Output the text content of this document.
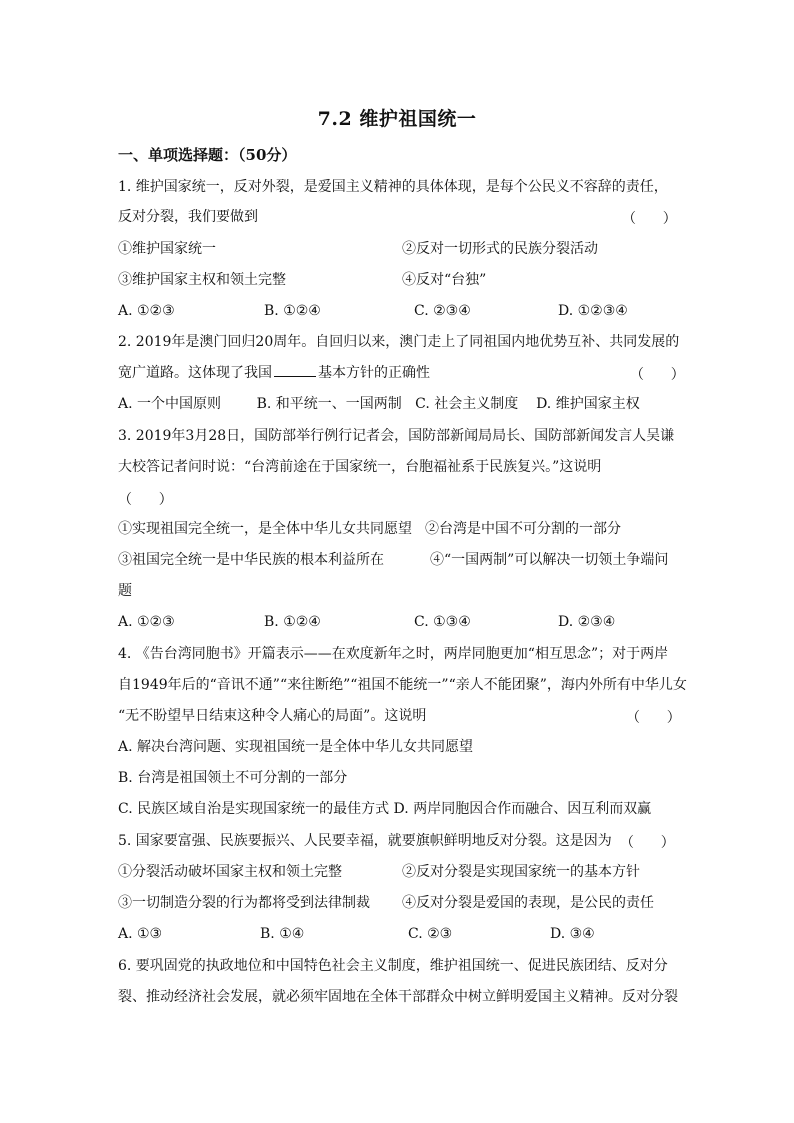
7.2 维护祖国统一
一、单项选择题：（50分）
1. 维护国家统一，反对外裂，是爱国主义精神的具体体现，是每个公民义不容辞的责任，
反对分裂，我们要做到	（      ）
①维护国家统一	②反对一切形式的民族分裂活动
③维护国家主权和领土完整	④反对“台独”
A. ①②③	B. ①②④	C. ②③④	D. ①②③④
2. 2019年是澳门回归20周年。自回归以来，澳门走上了同祖国内地优势互补、共同发展的
宽广道路。这体现了我国	基本方针的正确性	（      ）
A. 一个中国原则        B. 和平统一、一国两制   C. 社会主义制度    D. 维护国家主权
3. 2019年3月28日，国防部举行例行记者会，国防部新闻局局长、国防部新闻发言人吴谦
大校答记者问时说：“台湾前途在于国家统一，台胞福祉系于民族复兴。”这说明
（      ）
①实现祖国完全统一，是全体中华儿女共同愿望 ②台湾是中国不可分割的一部分
③祖国完全统一是中华民族的根本利益所在	④“一国两制”可以解决一切领土争端问
题
A. ①②③	B. ①②④	C. ①③④	D. ②③④
4. 《告台湾同胞书》开篇表示——在欢度新年之时，两岸同胞更加“相互思念”；对于两岸
自1949年后的“音讯不通”“来往断绝”“祖国不能统一”“亲人不能团聚”，海内外所有中华儿女
“无不盼望早日结束这种令人痛心的局面”。这说明	（      ）
A. 解决台湾问题、实现祖国统一是全体中华儿女共同愿望
B. 台湾是祖国领土不可分割的一部分
C. 民族区域自治是实现国家统一的最佳方式 D. 两岸同胞因合作而融合、因互利而双赢
5. 国家要富强、民族要振兴、人民要幸福，就要旗帜鲜明地反对分裂。这是因为 （      ）
①分裂活动破坏国家主权和领土完整	②反对分裂是实现国家统一的基本方针
③一切制造分裂的行为都将受到法律制裁 ④反对分裂是爱国的表现，是公民的责任
A. ①③	B. ①④	C. ②③	D. ③④
6. 要巩固党的执政地位和中国特色社会主义制度，维护祖国统一、促进民族团结、反对分
裂、推动经济社会发展，就必须牢固地在全体干部群众中树立鲜明爱国主义精神。反对分裂
